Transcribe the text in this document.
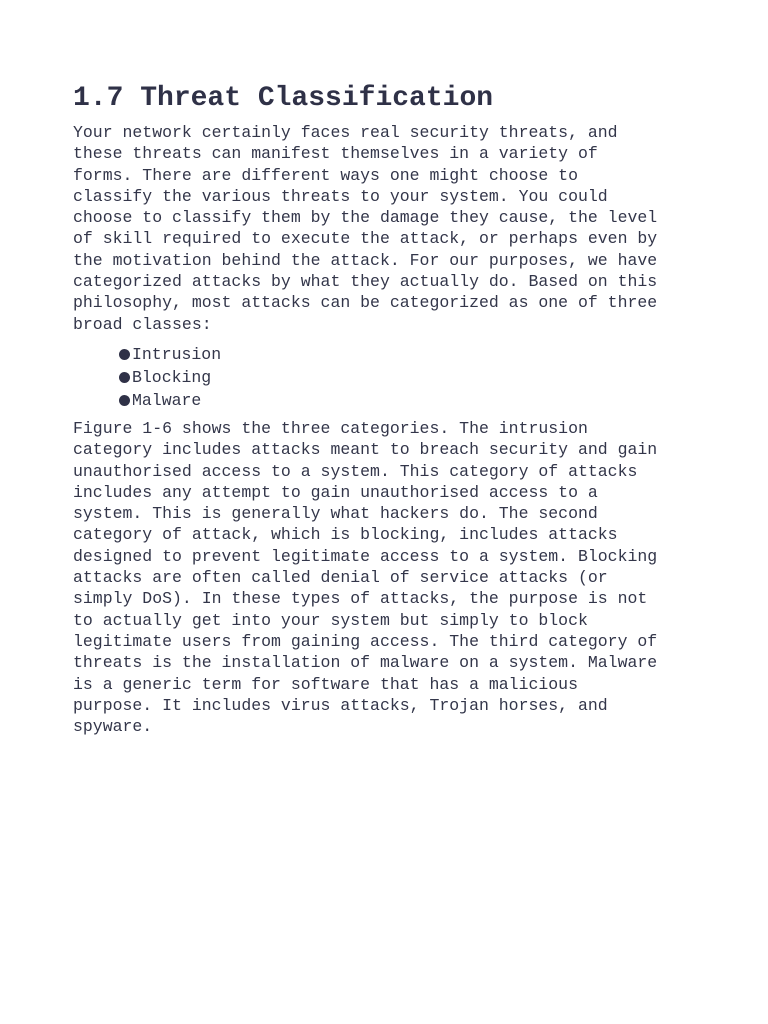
1.7 Threat Classification
Your network certainly faces real security threats, and
these threats can manifest themselves in a variety of
forms. There are different ways one might choose to
classify the various threats to your system. You could
choose to classify them by the damage they cause, the level
of skill required to execute the attack, or perhaps even by
the motivation behind the attack. For our purposes, we have
categorized attacks by what they actually do. Based on this
philosophy, most attacks can be categorized as one of three
broad classes:
Intrusion
Blocking
Malware
Figure 1-6 shows the three categories. The intrusion
category includes attacks meant to breach security and gain
unauthorised access to a system. This category of attacks
includes any attempt to gain unauthorised access to a
system. This is generally what hackers do. The second
category of attack, which is blocking, includes attacks
designed to prevent legitimate access to a system. Blocking
attacks are often called denial of service attacks (or
simply DoS). In these types of attacks, the purpose is not
to actually get into your system but simply to block
legitimate users from gaining access. The third category of
threats is the installation of malware on a system. Malware
is a generic term for software that has a malicious
purpose. It includes virus attacks, Trojan horses, and
spyware.
